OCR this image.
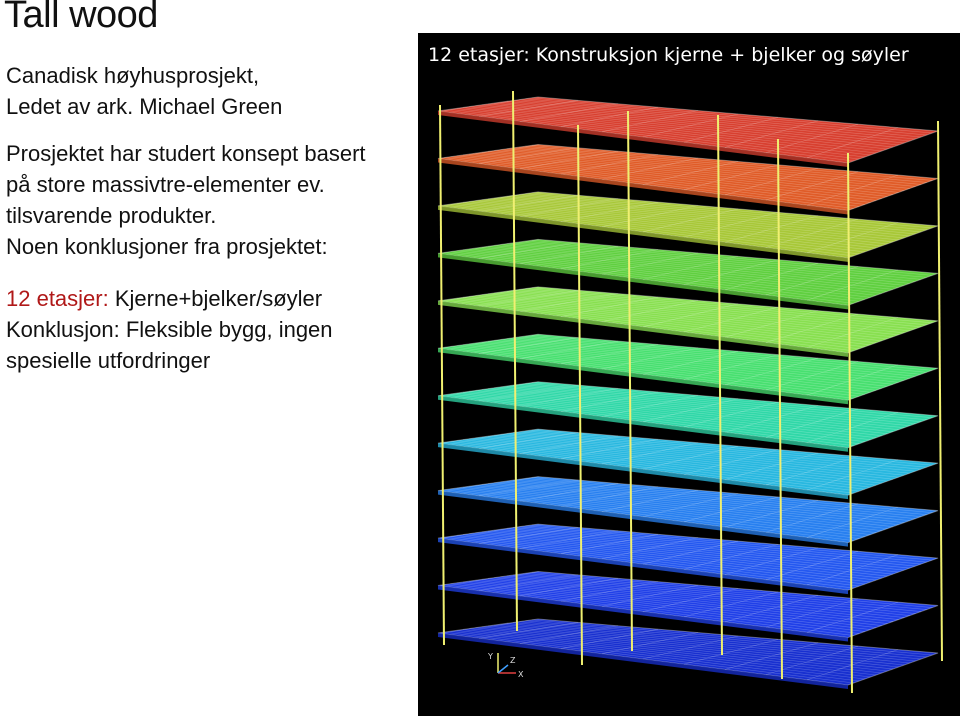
Tall wood
Canadisk høyhusprosjekt,
Ledet av ark. Michael Green
Prosjektet har studert konsept basert
på store massivtre-elementer ev.
tilsvarende produkter.
Noen konklusjoner fra prosjektet:
12 etasjer: Kjerne+bjelker/søyler
Konklusjon: Fleksible bygg, ingen
spesielle utfordringer
Y
X
Z
12 etasjer: Konstruksjon kjerne + bjelker og søyler
